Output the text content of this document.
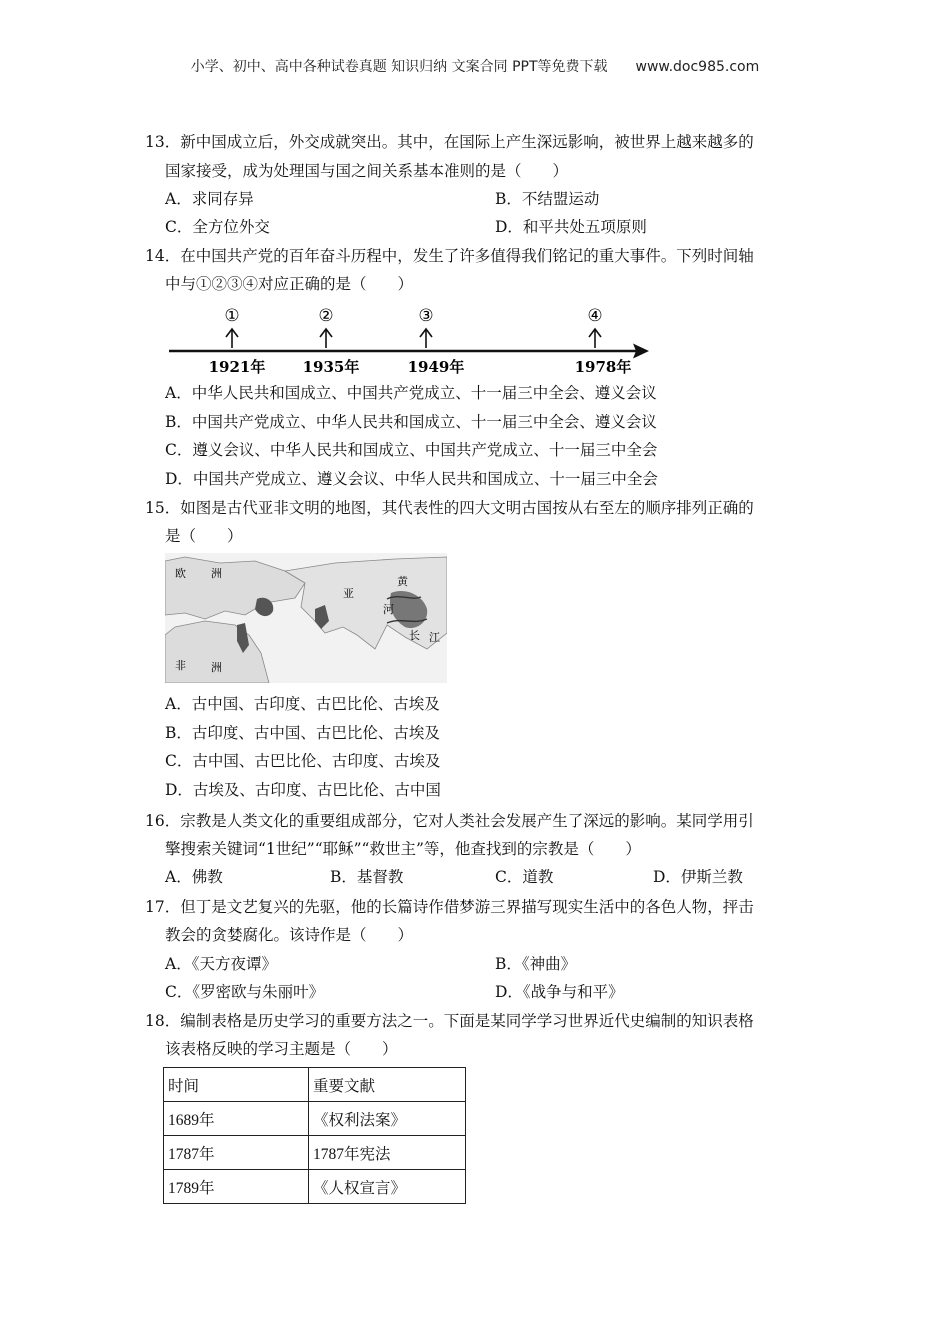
小学、初中、高中各种试卷真题 知识归纳 文案合同 PPT等免费下载 www.doc985.com
13．新中国成立后，外交成就突出。其中，在国际上产生深远影响，被世界上越来越多的
国家接受，成为处理国与国之间关系基本准则的是（　　）
A．求同存异	B．不结盟运动
C．全方位外交	D．和平共处五项原则
14．在中国共产党的百年奋斗历程中，发生了许多值得我们铭记的重大事件。下列时间轴
中与①②③④对应正确的是（　　）
①	②	③	④
1921年 1935年	1949年	1978年
A．中华人民共和国成立、中国共产党成立、十一届三中全会、遵义会议
B．中国共产党成立、中华人民共和国成立、十一届三中全会、遵义会议
C．遵义会议、中华人民共和国成立、中国共产党成立、十一届三中全会
D．中国共产党成立、遵义会议、中华人民共和国成立、十一届三中全会
15．如图是古代亚非文明的地图，其代表性的四大文明古国按从右至左的顺序排列正确的
是（　　）
欧 洲
亚
黄
河
长 江
非 洲
A．古中国、古印度、古巴比伦、古埃及
B．古印度、古中国、古巴比伦、古埃及
C．古中国、古巴比伦、古印度、古埃及
D．古埃及、古印度、古巴比伦、古中国
16．宗教是人类文化的重要组成部分，它对人类社会发展产生了深远的影响。某同学用引
擎搜索关键词“1世纪”“耶稣”“救世主”等，他查找到的宗教是（　　）
A．佛教	B．基督教	C．道教	D．伊斯兰教
17．但丁是文艺复兴的先驱，他的长篇诗作借梦游三界描写现实生活中的各色人物，抨击
教会的贪婪腐化。该诗作是（　　）
A．《天方夜谭》	B．《神曲》
C．《罗密欧与朱丽叶》	D．《战争与和平》
18．编制表格是历史学习的重要方法之一。下面是某同学学习世界近代史编制的知识表格
该表格反映的学习主题是（　　）
时间	重要文献
1689年	《权利法案》
1787年	1787年宪法
1789年	《人权宣言》
